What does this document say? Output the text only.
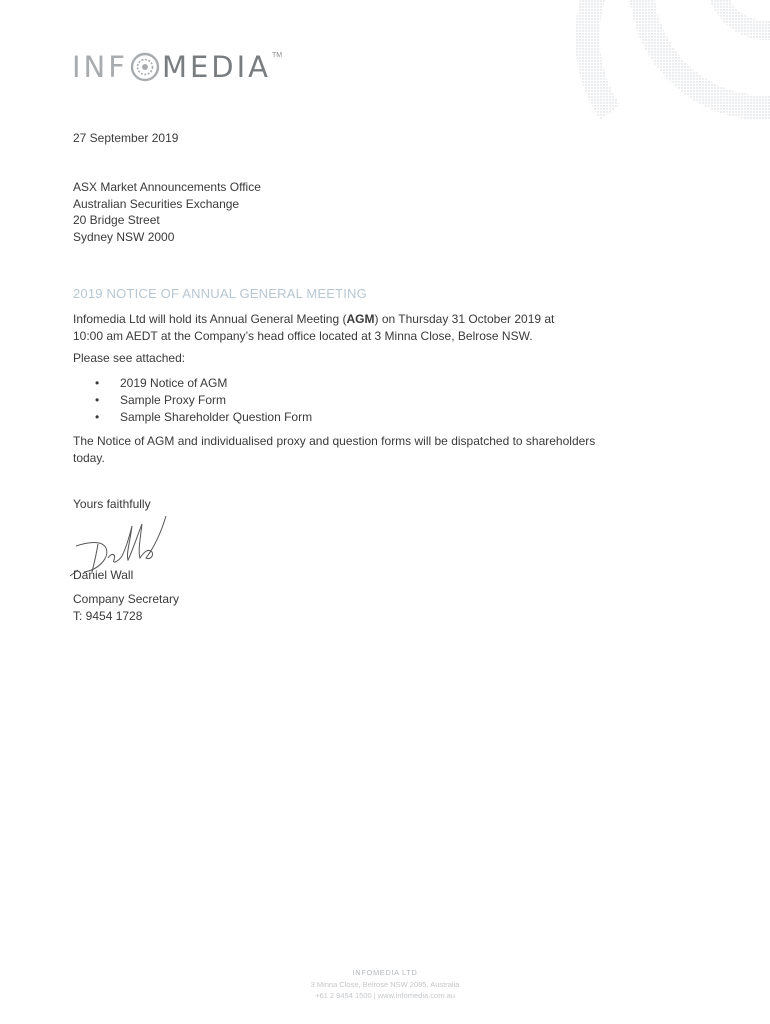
INF MEDIA TM
27 September 2019
ASX Market Announcements Office
Australian Securities Exchange
20 Bridge Street
Sydney NSW 2000
2019 NOTICE OF ANNUAL GENERAL MEETING
Infomedia Ltd will hold its Annual General Meeting (AGM) on Thursday 31 October 2019 at
10:00 am AEDT at the Company’s head office located at 3 Minna Close, Belrose NSW.
Please see attached:
• 2019 Notice of AGM
• Sample Proxy Form
• Sample Shareholder Question Form
The Notice of AGM and individualised proxy and question forms will be dispatched to shareholders
today.
Yours faithfully
Daniel Wall
Company Secretary
T: 9454 1728
INFOMEDIA LTD
3 Minna Close, Belrose NSW 2085, Australia
+61 2 9454 1500 | www.infomedia.com.au
